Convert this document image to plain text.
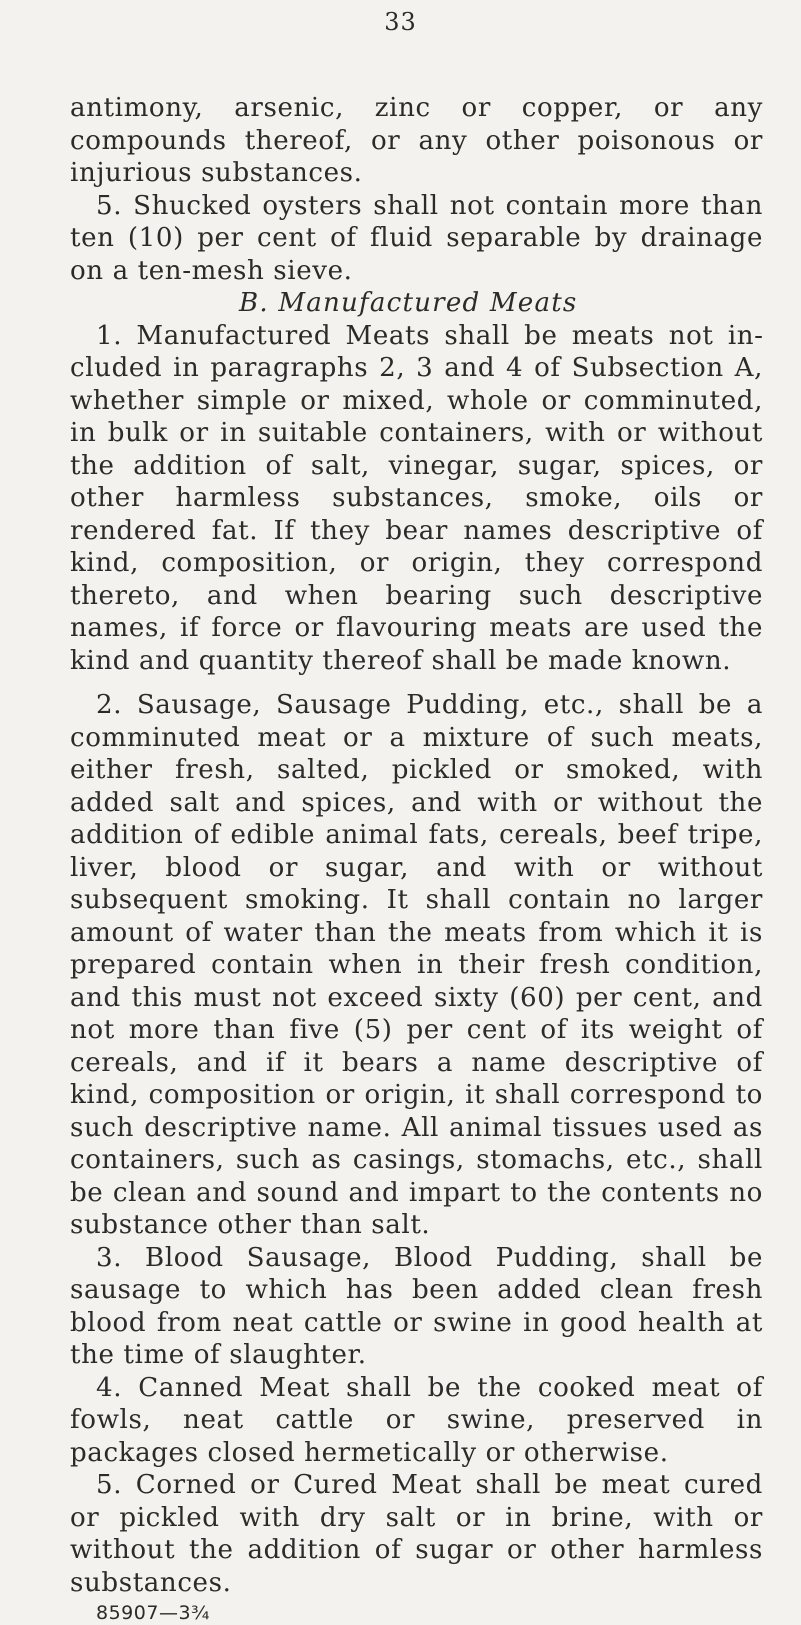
33

antimony, arsenic, zinc or copper, or any compounds thereof, or any other poisonous or injurious substances.

5. Shucked oysters shall not contain more than ten (10) per cent of fluid separable by drainage on a ten-mesh sieve.

B. Manufactured Meats

1. Manufactured Meats shall be meats not included in paragraphs 2, 3 and 4 of Subsection A, whether simple or mixed, whole or comminuted, in bulk or in suitable containers, with or without the addition of salt, vinegar, sugar, spices, or other harmless substances, smoke, oils or rendered fat. If they bear names descriptive of kind, composition, or origin, they correspond thereto, and when bearing such descriptive names, if force or flavouring meats are used the kind and quantity thereof shall be made known.

2. Sausage, Sausage Pudding, etc., shall be a comminuted meat or a mixture of such meats, either fresh, salted, pickled or smoked, with added salt and spices, and with or without the addition of edible animal fats, cereals, beef tripe, liver, blood or sugar, and with or without subsequent smoking. It shall contain no larger amount of water than the meats from which it is prepared contain when in their fresh condition, and this must not exceed sixty (60) per cent, and not more than five (5) per cent of its weight of cereals, and if it bears a name descriptive of kind, composition or origin, it shall correspond to such descriptive name. All animal tissues used as containers, such as casings, stomachs, etc., shall be clean and sound and impart to the contents no substance other than salt.

3. Blood Sausage, Blood Pudding, shall be sausage to which has been added clean fresh blood from neat cattle or swine in good health at the time of slaughter.

4. Canned Meat shall be the cooked meat of fowls, neat cattle or swine, preserved in packages closed hermetically or otherwise.

5. Corned or Cured Meat shall be meat cured or pickled with dry salt or in brine, with or without the addition of sugar or other harmless substances.

85907—3¾
